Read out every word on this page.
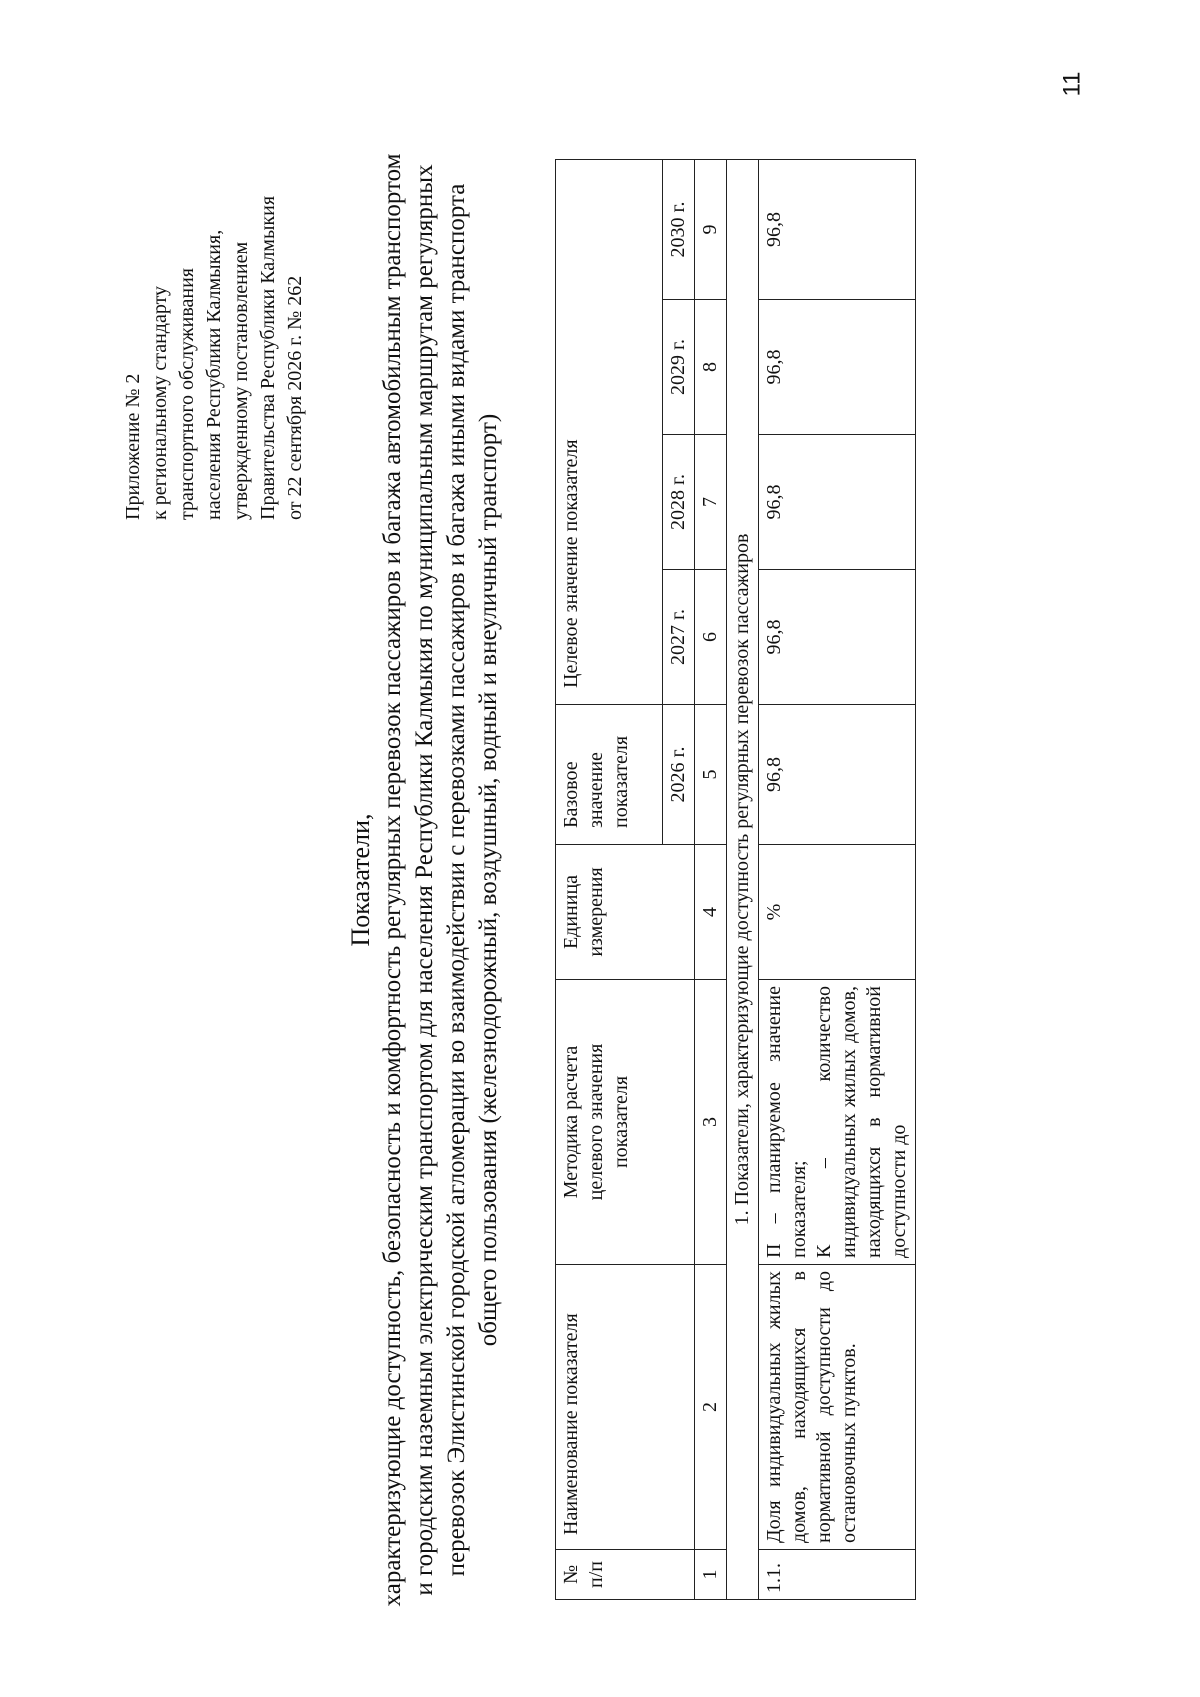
11
Приложение № 2 к региональному стандарту транспортного обслуживания населения Республики Калмыкия, утвержденному постановлением Правительства Республики Калмыкия от 22 сентября 2026 г. № 262
Показатели, характеризующие доступность, безопасность и комфортность регулярных перевозок пассажиров и багажа автомобильным транспортом и городским наземным электрическим транспортом для населения Республики Калмыкия по муниципальным маршрутам регулярных перевозок Элистинской городской агломерации во взаимодействии с перевозками пассажиров и багажа иными видами транспорта общего пользования (железнодорожный, воздушный, водный и внеуличный транспорт)
№ п/п	Наименование показателя	Методика расчета целевого значения показателя	Единица измерения	Базовое значение показателя	Целевое значение показателя			
				2026 г.	2027 г.	2028 г.	2029 г.	2030 г.
1	2	3	4	5	6	7	8	9
1. Показатели, характеризующие доступность регулярных перевозок пассажиров								
1.1.	Доля индивидуальных жилых домов, находящихся в нормативной доступности до остановочных пунктов.	П – планируемое значение показателя; К – количество индивидуальных жилых домов, находящихся в нормативной доступности до	%	96,8	96,8	96,8	96,8	96,8
